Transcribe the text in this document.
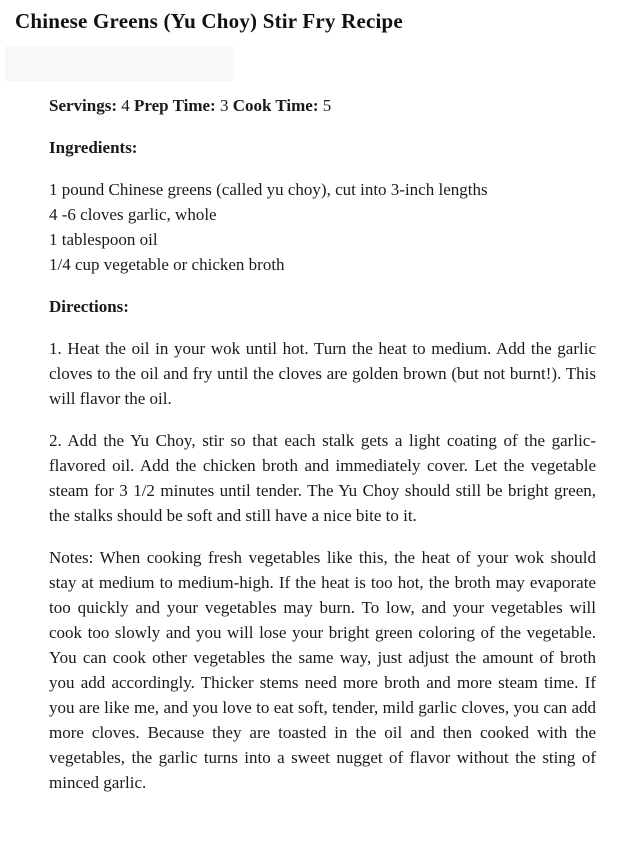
Chinese Greens (Yu Choy) Stir Fry Recipe
Servings: 4 Prep Time: 3 Cook Time: 5
Ingredients:
1 pound Chinese greens (called yu choy), cut into 3-inch lengths
4 -6 cloves garlic, whole
1 tablespoon oil
1/4 cup vegetable or chicken broth
Directions:

1. Heat the oil in your wok until hot. Turn the heat to medium. Add the garlic cloves to the oil and fry until the cloves are golden brown (but not burnt!). This will flavor the oil.

2. Add the Yu Choy, stir so that each stalk gets a light coating of the garlic-flavored oil. Add the chicken broth and immediately cover. Let the vegetable steam for 3 1/2 minutes until tender. The Yu Choy should still be bright green, the stalks should be soft and still have a nice bite to it.

Notes: When cooking fresh vegetables like this, the heat of your wok should stay at medium to medium-high. If the heat is too hot, the broth may evaporate too quickly and your vegetables may burn. To low, and your vegetables will cook too slowly and you will lose your bright green coloring of the vegetable. You can cook other vegetables the same way, just adjust the amount of broth you add accordingly. Thicker stems need more broth and more steam time. If you are like me, and you love to eat soft, tender, mild garlic cloves, you can add more cloves. Because they are toasted in the oil and then cooked with the vegetables, the garlic turns into a sweet nugget of flavor without the sting of minced garlic.
